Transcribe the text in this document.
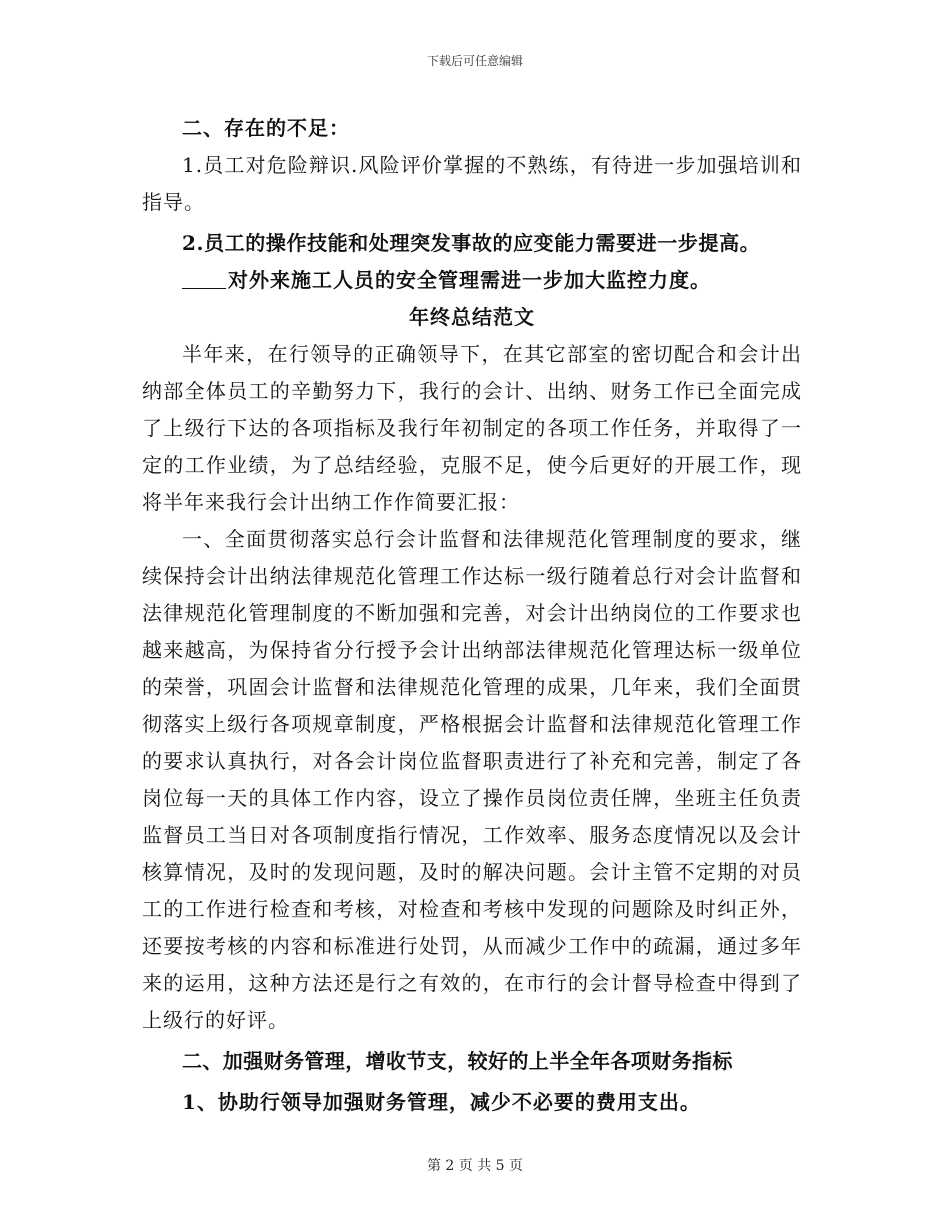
下载后可任意编辑

二、存在的不足：

1.员工对危险辩识.风险评价掌握的不熟练，有待进一步加强培训和指导。

2.员工的操作技能和处理突发事故的应变能力需要进一步提高。

对外来施工人员的安全管理需进一步加大监控力度。

年终总结范文

半年来，在行领导的正确领导下，在其它部室的密切配合和会计出纳部全体员工的辛勤努力下，我行的会计、出纳、财务工作已全面完成了上级行下达的各项指标及我行年初制定的各项工作任务，并取得了一定的工作业绩，为了总结经验，克服不足，使今后更好的开展工作，现将半年来我行会计出纳工作作简要汇报：

一、全面贯彻落实总行会计监督和法律规范化管理制度的要求，继续保持会计出纳法律规范化管理工作达标一级行随着总行对会计监督和法律规范化管理制度的不断加强和完善，对会计出纳岗位的工作要求也越来越高，为保持省分行授予会计出纳部法律规范化管理达标一级单位的荣誉，巩固会计监督和法律规范化管理的成果，几年来，我们全面贯彻落实上级行各项规章制度，严格根据会计监督和法律规范化管理工作的要求认真执行，对各会计岗位监督职责进行了补充和完善，制定了各岗位每一天的具体工作内容，设立了操作员岗位责任牌，坐班主任负责监督员工当日对各项制度指行情况，工作效率、服务态度情况以及会计核算情况，及时的发现问题，及时的解决问题。会计主管不定期的对员工的工作进行检查和考核，对检查和考核中发现的问题除及时纠正外，还要按考核的内容和标准进行处罚，从而减少工作中的疏漏，通过多年来的运用，这种方法还是行之有效的，在市行的会计督导检查中得到了上级行的好评。

二、加强财务管理，增收节支，较好的上半全年各项财务指标

1、协助行领导加强财务管理，减少不必要的费用支出。

第 2 页 共 5 页
